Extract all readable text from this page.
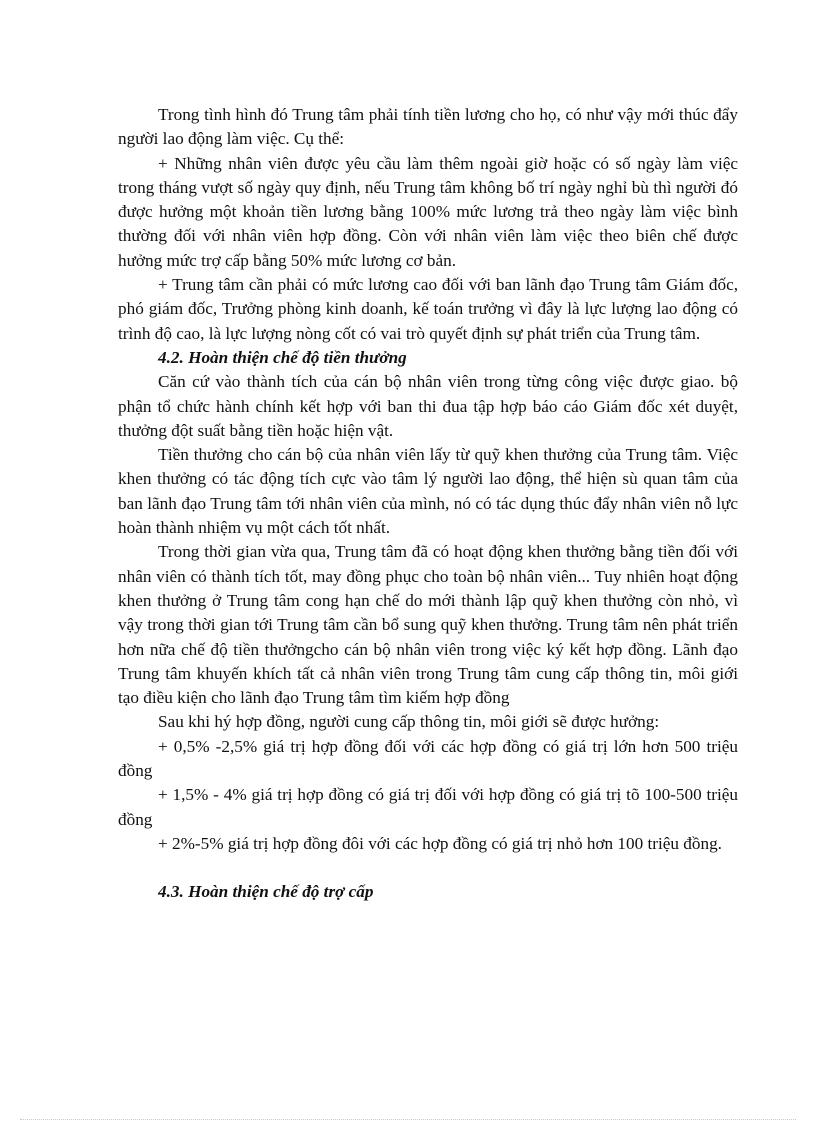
Trong tình hình đó Trung tâm phải tính tiền lương cho họ, có như vậy mới thúc đẩy người lao động làm việc. Cụ thể:

+ Những nhân viên được yêu cầu làm thêm ngoài giờ hoặc có số ngày làm việc trong tháng vượt số ngày quy định, nếu Trung tâm không bố trí ngày nghỉ bù thì người đó được hưởng một khoản tiền lương bằng 100% mức lương trả theo ngày làm việc bình thường đối với nhân viên hợp đồng. Còn với nhân viên làm việc theo biên chế được hưởng mức trợ cấp bằng 50% mức lương cơ bản.

+ Trung tâm cần phải có mức lương cao đối với ban lãnh đạo Trung tâm Giám đốc, phó giám đốc, Trưởng phòng kinh doanh, kế toán trưởng vì đây là lực lượng lao động có trình độ cao, là lực lượng nòng cốt có vai trò quyết định sự phát triển của Trung tâm.

4.2. Hoàn thiện chế độ tiền thưởng

Căn cứ vào thành tích của cán bộ nhân viên trong từng công việc được giao. bộ phận tổ chức hành chính kết hợp với ban thi đua tập hợp báo cáo Giám đốc xét duyệt, thưởng đột suất bằng tiền hoặc hiện vật.

Tiền thưởng cho cán bộ của nhân viên lấy từ quỹ khen thưởng của Trung tâm. Việc khen thưởng có tác động tích cực vào tâm lý người lao động, thể hiện sù quan tâm của ban lãnh đạo Trung tâm tới nhân viên của mình, nó có tác dụng thúc đẩy nhân viên nỗ lực hoàn thành nhiệm vụ một cách tốt nhất.

Trong thời gian vừa qua, Trung tâm đã có hoạt động khen thưởng bằng tiền đối với nhân viên có thành tích tốt, may đồng phục cho toàn bộ nhân viên... Tuy nhiên hoạt động khen thưởng ở Trung tâm cong hạn chế do mới thành lập quỹ khen thưởng còn nhỏ, vì vậy trong thời gian tới Trung tâm cần bổ sung quỹ khen thưởng. Trung tâm nên phát triển hơn nữa chế độ tiền thưởngcho cán bộ nhân viên trong việc ký kết hợp đồng. Lãnh đạo Trung tâm khuyến khích tất cả nhân viên trong Trung tâm cung cấp thông tin, môi giới tạo điều kiện cho lãnh đạo Trung tâm tìm kiếm hợp đồng

Sau khi hý hợp đồng, người cung cấp thông tin, môi giới sẽ được hưởng:

+ 0,5% -2,5% giá trị hợp đồng đối với các hợp đồng có giá trị lớn hơn 500 triệu đồng

+ 1,5% - 4% giá trị hợp đồng có giá trị đối với hợp đồng có giá trị tõ 100-500 triệu đồng

+ 2%-5% giá trị hợp đồng đôi với các hợp đồng có giá trị nhỏ hơn 100 triệu đồng.

4.3. Hoàn thiện chế độ trợ cấp
